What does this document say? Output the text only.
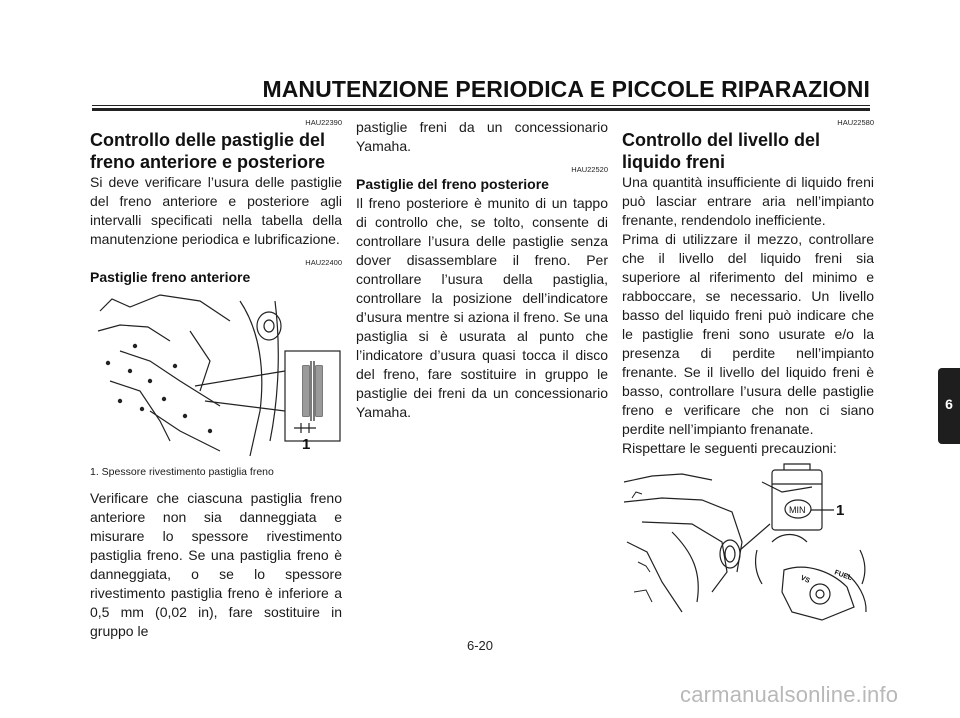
MANUTENZIONE PERIODICA E PICCOLE RIPARAZIONI

HAU22390

Controllo delle pastiglie del freno anteriore e posteriore

Si deve verificare l’usura delle pastiglie del freno anteriore e posteriore agli intervalli specificati nella tabella della manutenzione periodica e lubrificazione.

HAU22400

Pastiglie freno anteriore
1

1. Spessore rivestimento pastiglia freno

Verificare che ciascuna pastiglia freno anteriore non sia danneggiata e misurare lo spessore rivestimento pastiglia freno. Se una pastiglia freno è danneggiata, o se lo spessore rivestimento pastiglia freno è inferiore a 0,5 mm (0,02 in), fare sostituire in gruppo le

pastiglie freni da un concessionario Yamaha.

HAU22520

Pastiglie del freno posteriore

Il freno posteriore è munito di un tappo di controllo che, se tolto, consente di controllare l’usura delle pastiglie senza dover disassemblare il freno. Per controllare l’usura della pastiglia, controllare la posizione dell’indicatore d’usura mentre si aziona il freno. Se una pastiglia si è usurata al punto che l’indicatore d’usura quasi tocca il disco del freno, fare sostituire in gruppo le pastiglie dei freni da un concessionario Yamaha.

HAU22580

Controllo del livello del liquido freni

Una quantità insufficiente di liquido freni può lasciar entrare aria nell’impianto frenante, rendendolo inefficiente.

Prima di utilizzare il mezzo, controllare che il livello del liquido freni sia superiore al riferimento del minimo e rabboccare, se necessario. Un livello basso del liquido freni può indicare che le pastiglie freni sono usurate e/o la presenza di perdite nell’impianto frenante. Se il livello del liquido freni è basso, controllare l’usura delle pastiglie freno e verificare che non ci siano perdite nell’impianto frenanate.

Rispettare le seguenti precauzioni:

MIN 1
VS	FUEL
6
6-20
carmanualsonline.info
